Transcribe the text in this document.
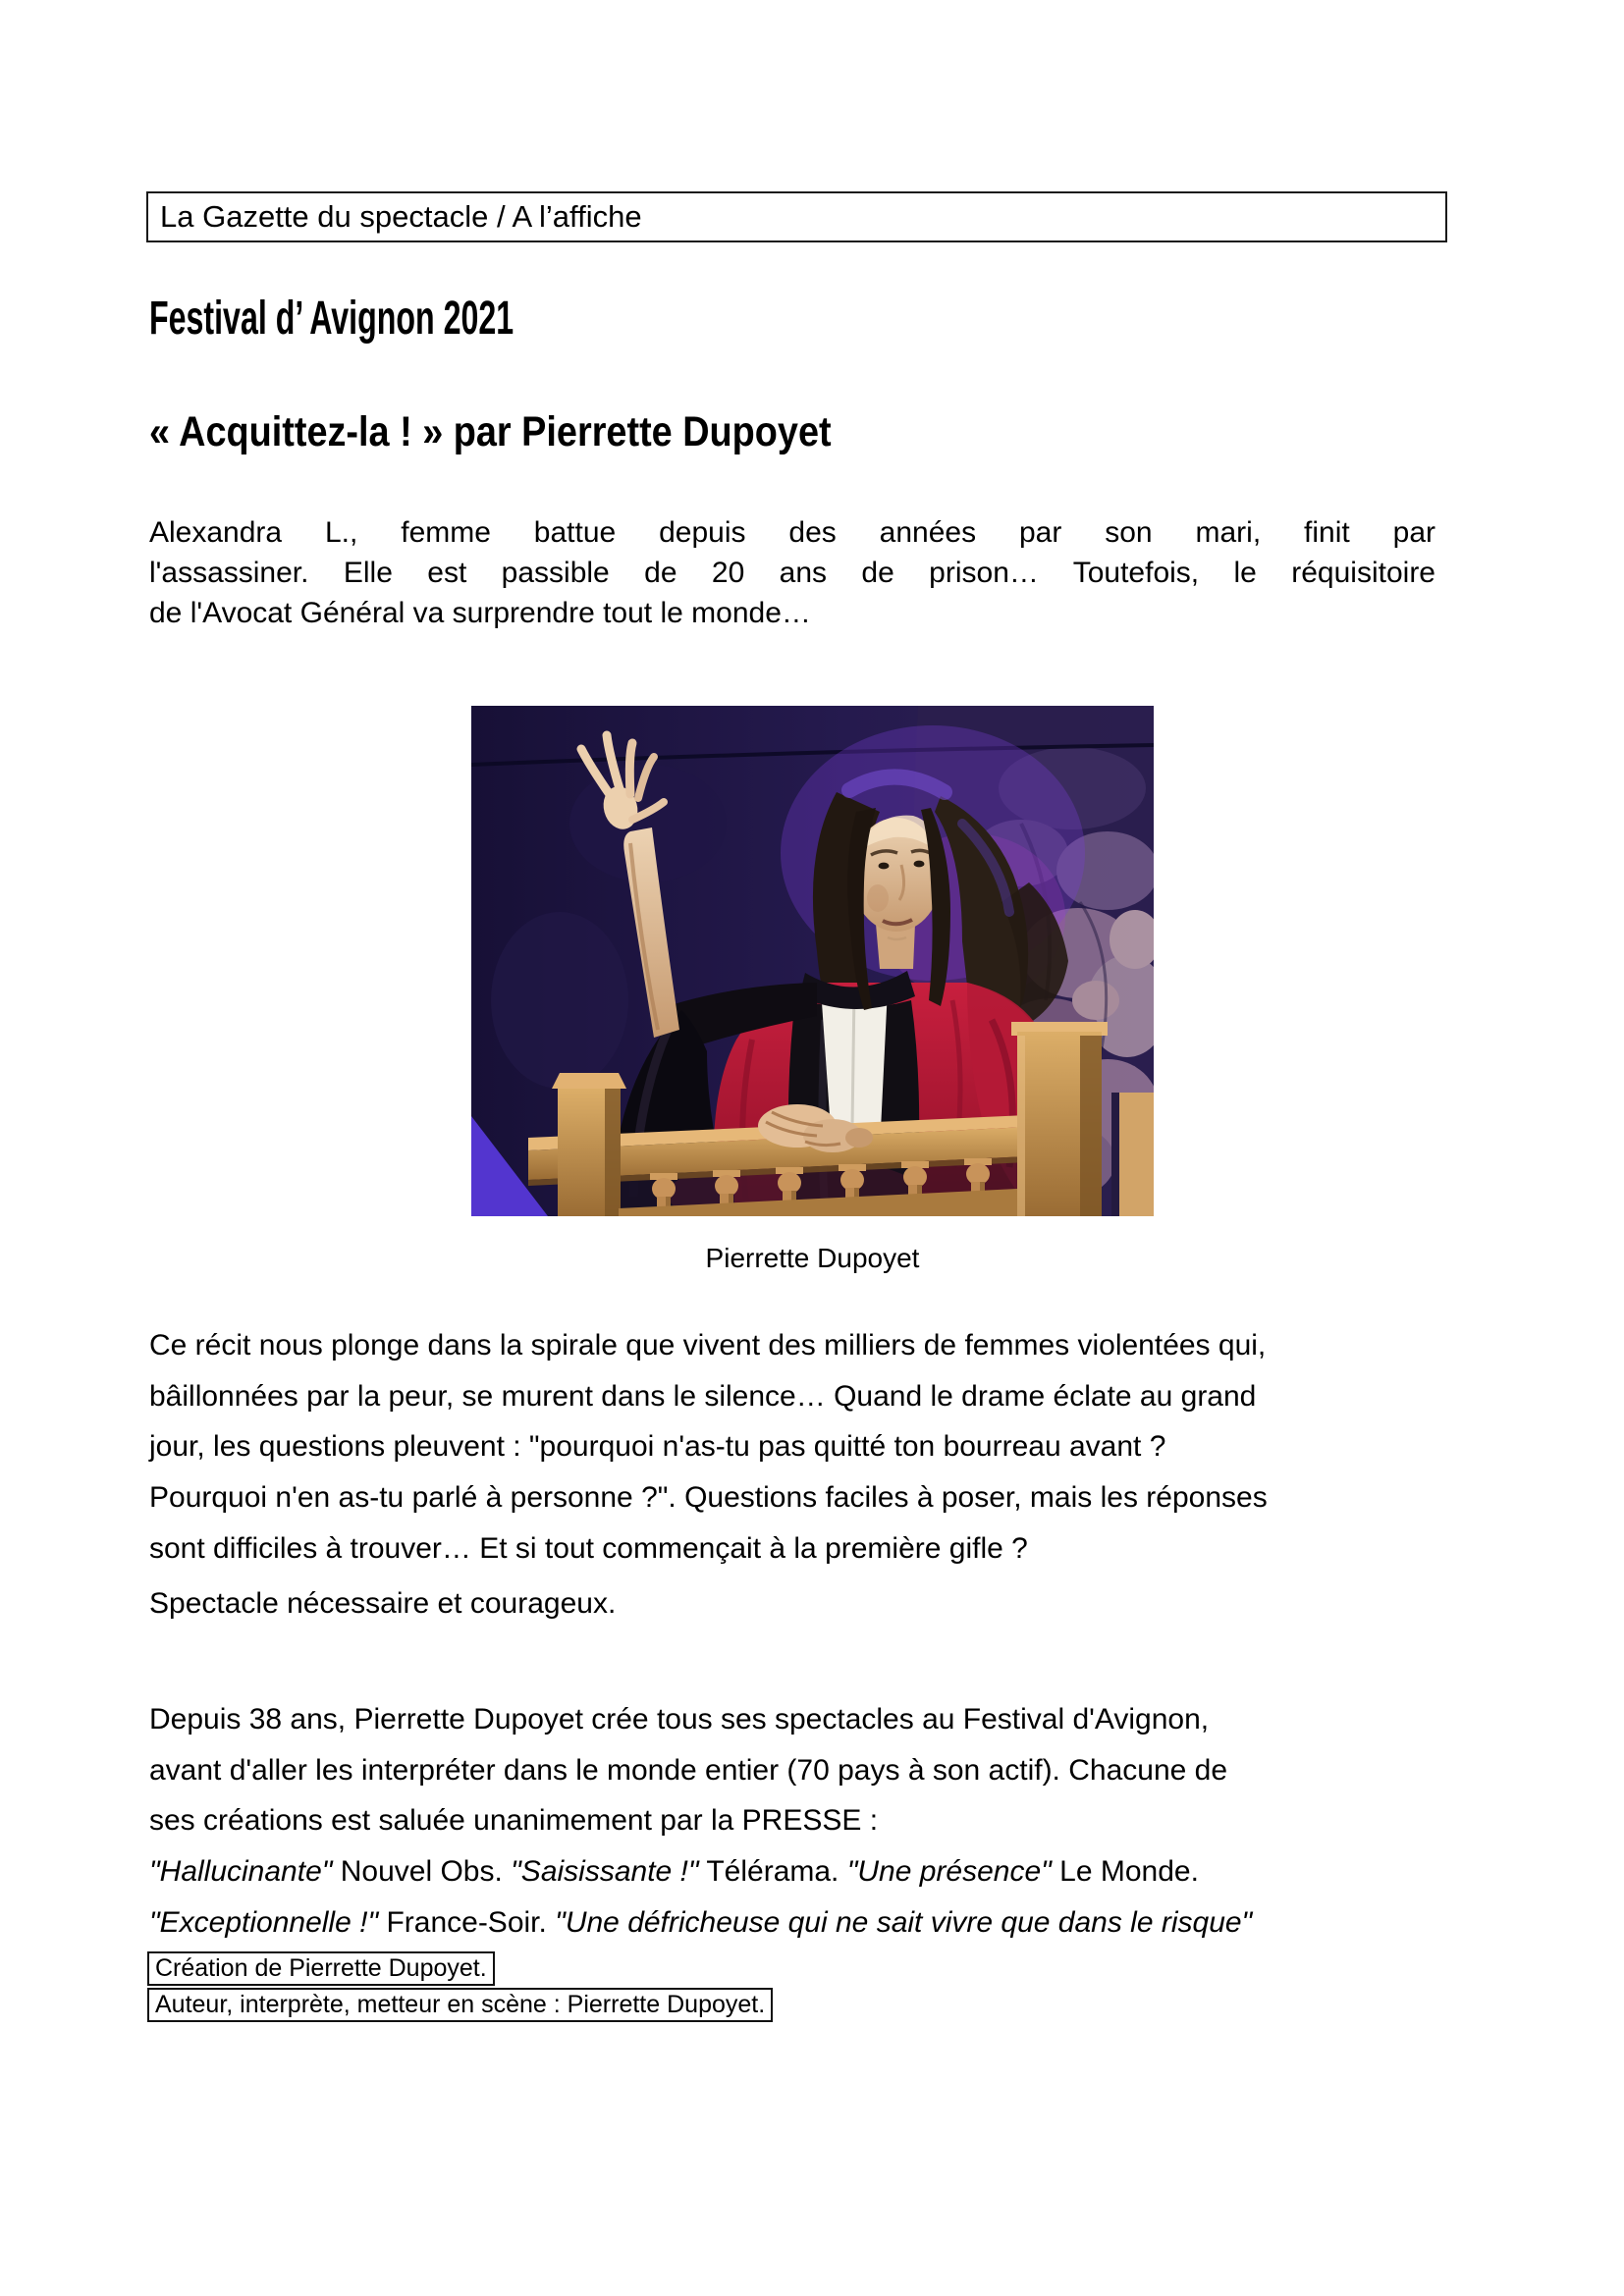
La Gazette du spectacle / A l’affiche
Festival d’ Avignon 2021
« Acquittez-la ! » par Pierrette Dupoyet
Alexandra L., femme battue depuis des années par son mari, finit par
l'assassiner. Elle est passible de 20 ans de prison… Toutefois, le réquisitoire
de l'Avocat Général va surprendre tout le monde…
Pierrette Dupoyet
Ce récit nous plonge dans la spirale que vivent des milliers de femmes violentées qui,
bâillonnées par la peur, se murent dans le silence… Quand le drame éclate au grand
jour, les questions pleuvent : "pourquoi n'as-tu pas quitté ton bourreau avant ?
Pourquoi n'en as-tu parlé à personne ?". Questions faciles à poser, mais les réponses
sont difficiles à trouver… Et si tout commençait à la première gifle ?
Spectacle nécessaire et courageux.
Depuis 38 ans, Pierrette Dupoyet crée tous ses spectacles au Festival d'Avignon,
avant d'aller les interpréter dans le monde entier (70 pays à son actif). Chacune de
ses créations est saluée unanimement par la PRESSE :
"Hallucinante" Nouvel Obs. "Saisissante !" Télérama. "Une présence" Le Monde.
"Exceptionnelle !" France-Soir. "Une défricheuse qui ne sait vivre que dans le risque"
Création de Pierrette Dupoyet.
Auteur, interprète, metteur en scène : Pierrette Dupoyet.
